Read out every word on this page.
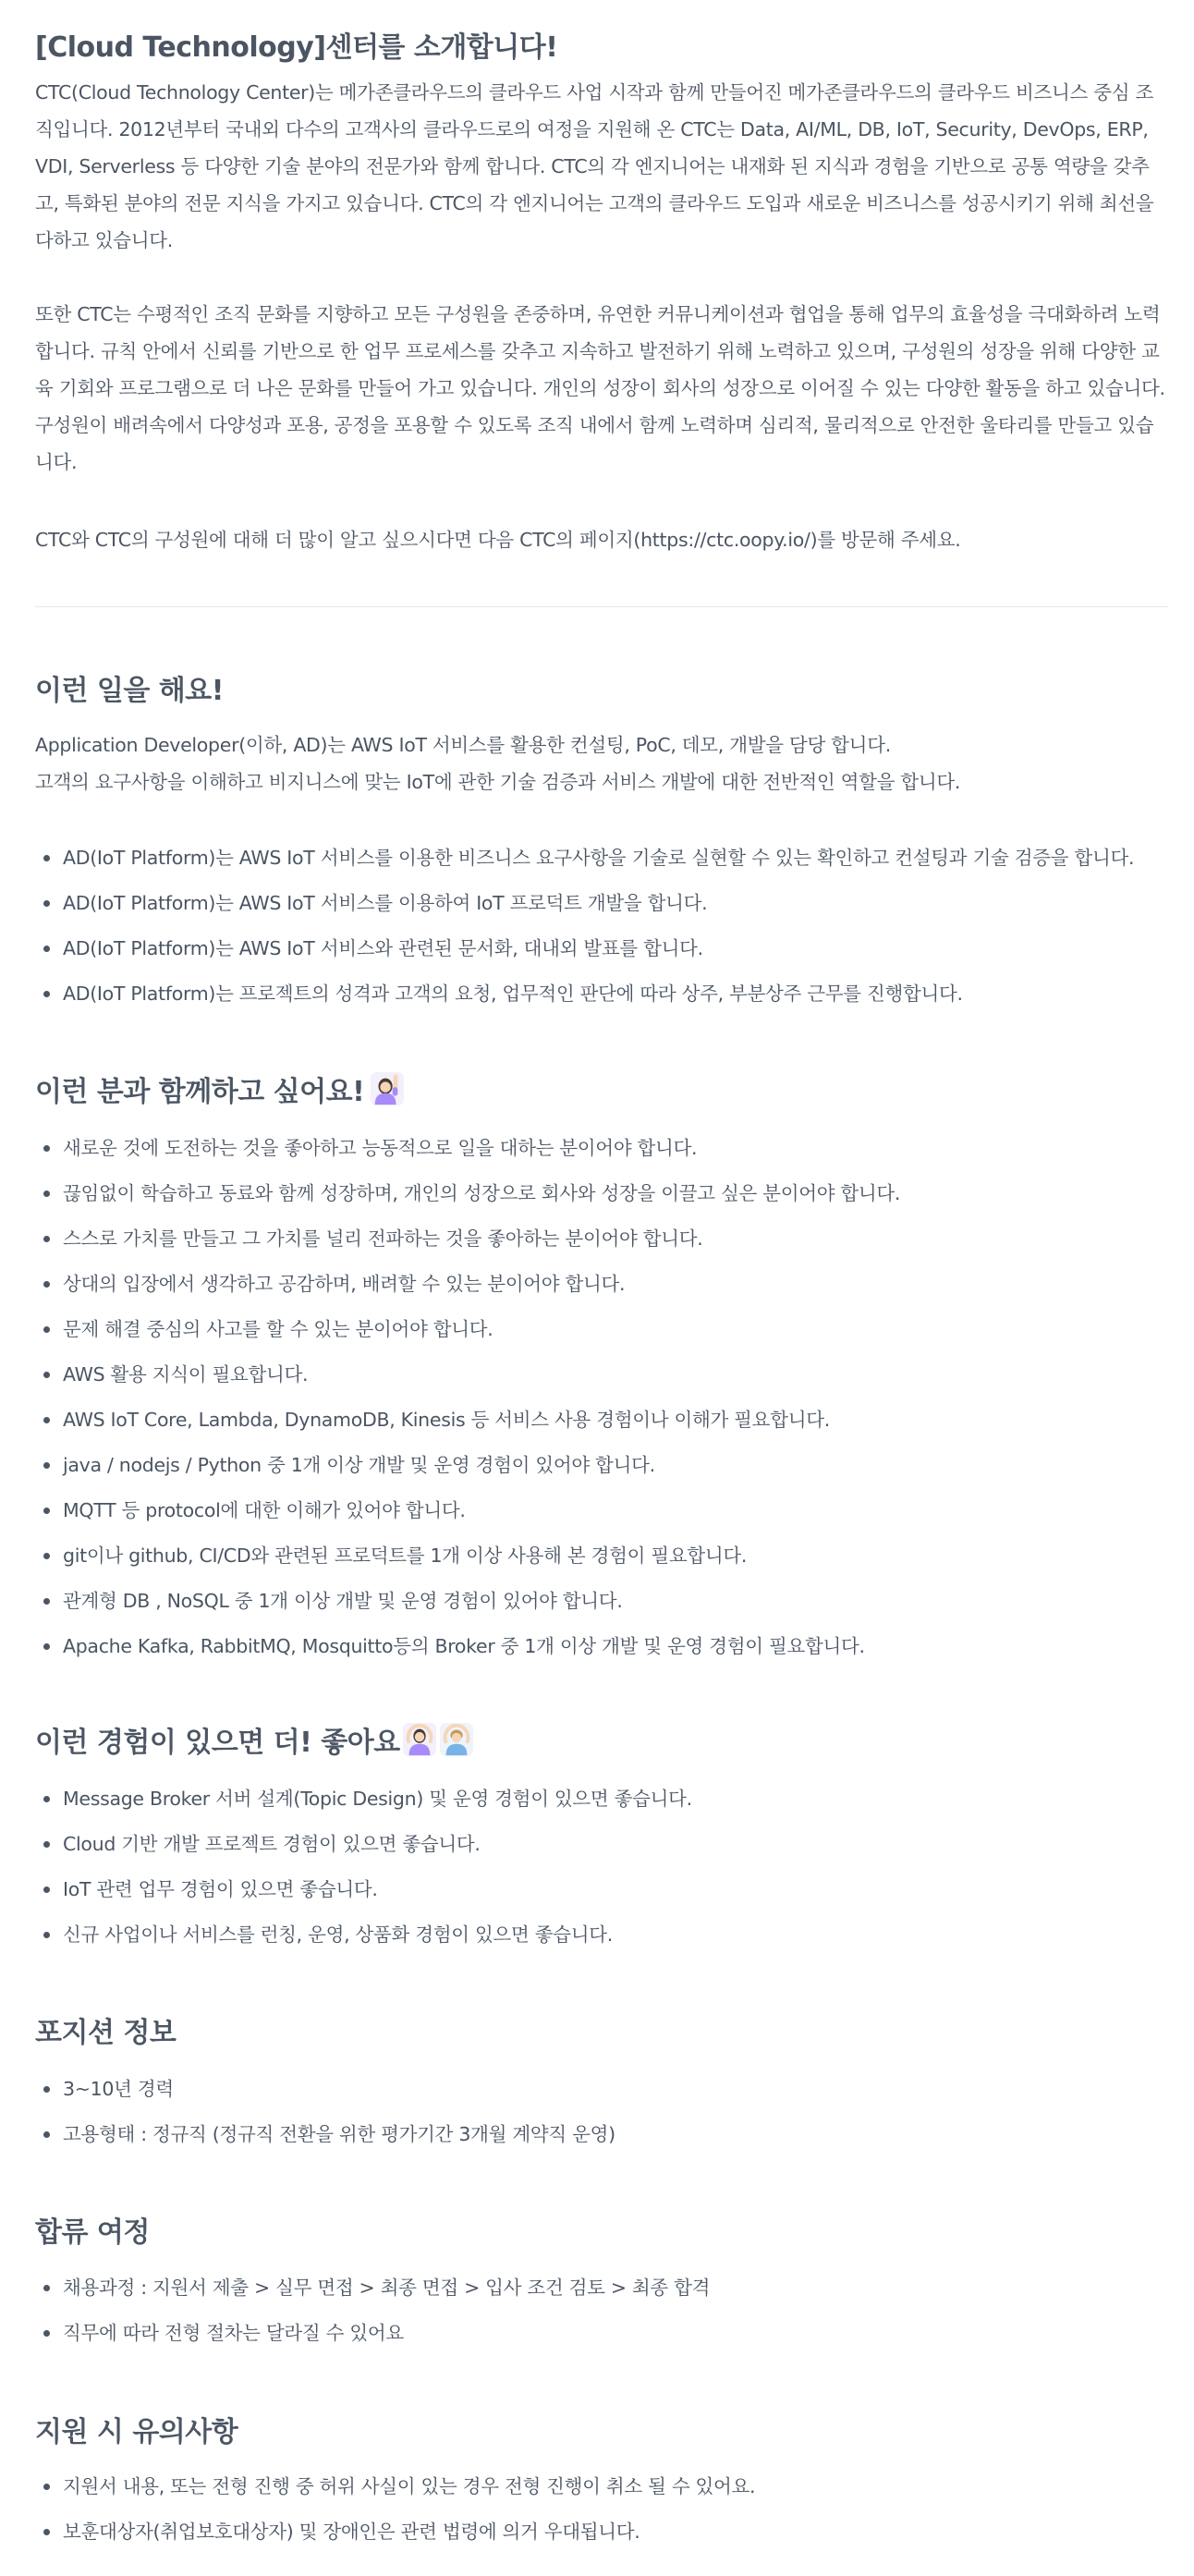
[Cloud Technology]센터를 소개합니다!

CTC(Cloud Technology Center)는 메가존클라우드의 클라우드 사업 시작과 함께 만들어진 메가존클라우드의 클라우드 비즈니스 중심 조직입니다. 2012년부터 국내외 다수의 고객사의 클라우드로의 여정을 지원해 온 CTC는 Data, AI/ML, DB, IoT, Security, DevOps, ERP, VDI, Serverless 등 다양한 기술 분야의 전문가와 함께 합니다. CTC의 각 엔지니어는 내재화 된 지식과 경험을 기반으로 공통 역량을 갖추고, 특화된 분야의 전문 지식을 가지고 있습니다. CTC의 각 엔지니어는 고객의 클라우드 도입과 새로운 비즈니스를 성공시키기 위해 최선을 다하고 있습니다.

또한 CTC는 수평적인 조직 문화를 지향하고 모든 구성원을 존중하며, 유연한 커뮤니케이션과 협업을 통해 업무의 효율성을 극대화하려 노력합니다. 규칙 안에서 신뢰를 기반으로 한 업무 프로세스를 갖추고 지속하고 발전하기 위해 노력하고 있으며, 구성원의 성장을 위해 다양한 교육 기회와 프로그램으로 더 나은 문화를 만들어 가고 있습니다. 개인의 성장이 회사의 성장으로 이어질 수 있는 다양한 활동을 하고 있습니다. 구성원이 배려속에서 다양성과 포용, 공정을 포용할 수 있도록 조직 내에서 함께 노력하며 심리적, 물리적으로 안전한 울타리를 만들고 있습니다.

CTC와 CTC의 구성원에 대해 더 많이 알고 싶으시다면 다음 CTC의 페이지(https://ctc.oopy.io/)를 방문해 주세요.

이런 일을 해요!

Application Developer(이하, AD)는 AWS IoT 서비스를 활용한 컨설팅, PoC, 데모, 개발을 담당 합니다.

고객의 요구사항을 이해하고 비지니스에 맞는 IoT에 관한 기술 검증과 서비스 개발에 대한 전반적인 역할을 합니다.

AD(IoT Platform)는 AWS IoT 서비스를 이용한 비즈니스 요구사항을 기술로 실현할 수 있는 확인하고 컨설팅과 기술 검증을 합니다.
AD(IoT Platform)는 AWS IoT 서비스를 이용하여 IoT 프로덕트 개발을 합니다.
AD(IoT Platform)는 AWS IoT 서비스와 관련된 문서화, 대내외 발표를 합니다.
AD(IoT Platform)는 프로젝트의 성격과 고객의 요청, 업무적인 판단에 따라 상주, 부분상주 근무를 진행합니다.
이런 분과 함께하고 싶어요!
새로운 것에 도전하는 것을 좋아하고 능동적으로 일을 대하는 분이어야 합니다.
끊임없이 학습하고 동료와 함께 성장하며, 개인의 성장으로 회사와 성장을 이끌고 싶은 분이어야 합니다.
스스로 가치를 만들고 그 가치를 널리 전파하는 것을 좋아하는 분이어야 합니다.
상대의 입장에서 생각하고 공감하며, 배려할 수 있는 분이어야 합니다.
문제 해결 중심의 사고를 할 수 있는 분이어야 합니다.
AWS 활용 지식이 필요합니다.
AWS IoT Core, Lambda, DynamoDB, Kinesis 등 서비스 사용 경험이나 이해가 필요합니다.
java / nodejs / Python 중 1개 이상 개발 및 운영 경험이 있어야 합니다.
MQTT 등 protocol에 대한 이해가 있어야 합니다.
git이나 github, CI/CD와 관련된 프로덕트를 1개 이상 사용해 본 경험이 필요합니다.
관계형 DB , NoSQL 중 1개 이상 개발 및 운영 경험이 있어야 합니다.
Apache Kafka, RabbitMQ, Mosquitto등의 Broker 중 1개 이상 개발 및 운영 경험이 필요합니다.
이런 경험이 있으면 더! 좋아요
Message Broker 서버 설계(Topic Design) 및 운영 경험이 있으면 좋습니다.
Cloud 기반 개발 프로젝트 경험이 있으면 좋습니다.
IoT 관련 업무 경험이 있으면 좋습니다.
신규 사업이나 서비스를 런칭, 운영, 상품화 경험이 있으면 좋습니다.
포지션 정보
3~10년 경력
고용형태 : 정규직 (정규직 전환을 위한 평가기간 3개월 계약직 운영)
합류 여정
채용과정 : 지원서 제출 > 실무 면접 > 최종 면접 > 입사 조건 검토 > 최종 합격
직무에 따라 전형 절차는 달라질 수 있어요
지원 시 유의사항
지원서 내용, 또는 전형 진행 중 허위 사실이 있는 경우 전형 진행이 취소 될 수 있어요.
보훈대상자(취업보호대상자) 및 장애인은 관련 법령에 의거 우대됩니다.
